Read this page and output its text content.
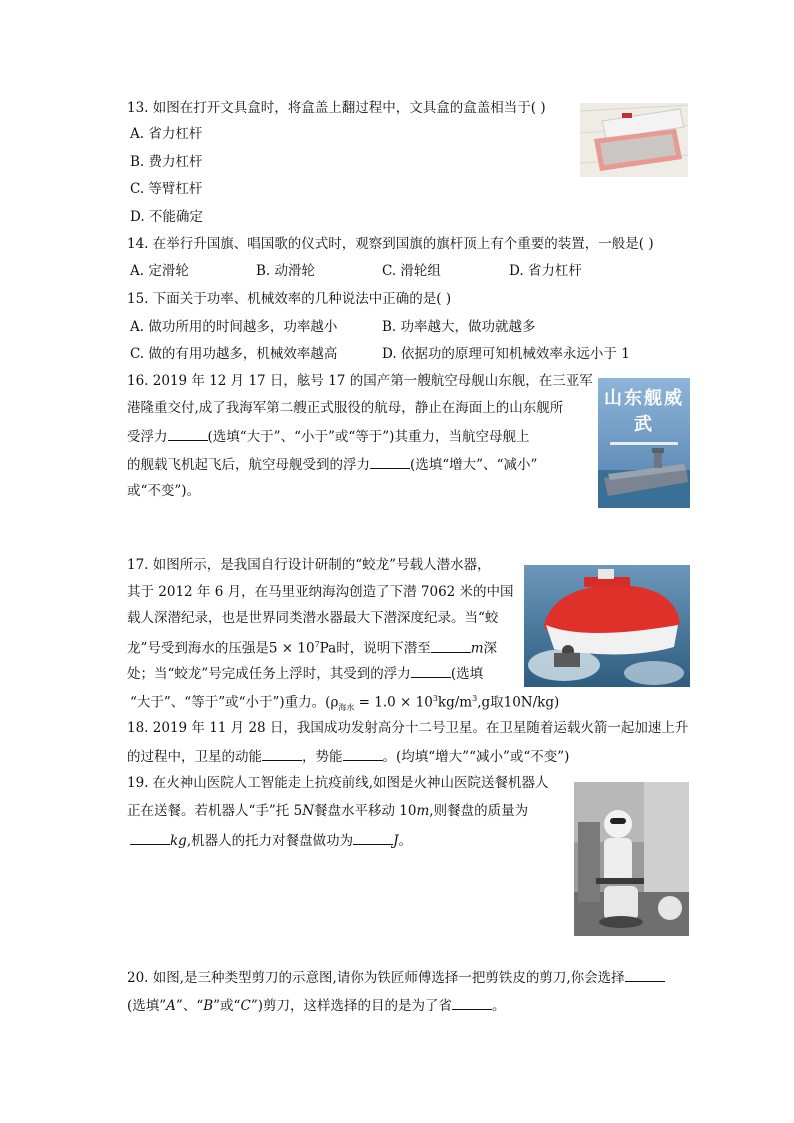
13. 如图在打开文具盒时，将盒盖上翻过程中，文具盒的盒盖相当于( )
A. 省力杠杆
B. 费力杠杆
C. 等臂杠杆
D. 不能确定
14. 在举行升国旗、唱国歌的仪式时，观察到国旗的旗杆顶上有个重要的装置，一般是( )
A. 定滑轮	B. 动滑轮	C. 滑轮组	D. 省力杠杆
15. 下面关于功率、机械效率的几种说法中正确的是( )
A. 做功所用的时间越多，功率越小	B. 功率越大，做功就越多
C. 做的有用功越多，机械效率越高	D. 依据功的原理可知机械效率永远小于 1
16. 2019 年 12 月 17 日，舷号 17 的国产第一艘航空母舰山东舰，在三亚军
港隆重交付,成了我海军第二艘正式服役的航母，静止在海面上的山东舰所
受浮力	(选填“大于”、“小于”或“等于”)其重力，当航空母舰上
的舰载飞机起飞后，航空母舰受到的浮力	(选填“增大”、“减小”
或“不变”)。
山东舰威武
17. 如图所示，是我国自行设计研制的“蛟龙”号载人潜水器，
其于 2012 年 6 月，在马里亚纳海沟创造了下潜 7062 米的中国
载人深潜纪录，也是世界同类潜水器最大下潜深度纪录。当“蛟
龙”号受到海水的压强是$5 \times 10^7Pa$时，说明下潜至	m深
处；当“蛟龙”号完成任务上浮时，其受到的浮力	(选填
“大于”、“等于”或“小于”)重力。($\rho_{海水} = 1.0 \times 10^3kg/m^3,g$取10N/kg)
18. 2019 年 11 月 28 日，我国成功发射高分十二号卫星。在卫星随着运载火箭一起加速上升
的过程中，卫星的动能	，势能	。(均填“增大”“减小”或“不变”)
19. 在火神山医院人工智能走上抗疫前线,如图是火神山医院送餐机器人
正在送餐。若机器人“手”托 5N餐盘水平移动 10m,则餐盘的质量为
kg,机器人的托力对餐盘做功为	J。
20. 如图,是三种类型剪刀的示意图,请你为铁匠师傅选择一把剪铁皮的剪刀,你会选择
(选填”A”、“B”或“C”)剪刀，这样选择的目的是为了省	。
